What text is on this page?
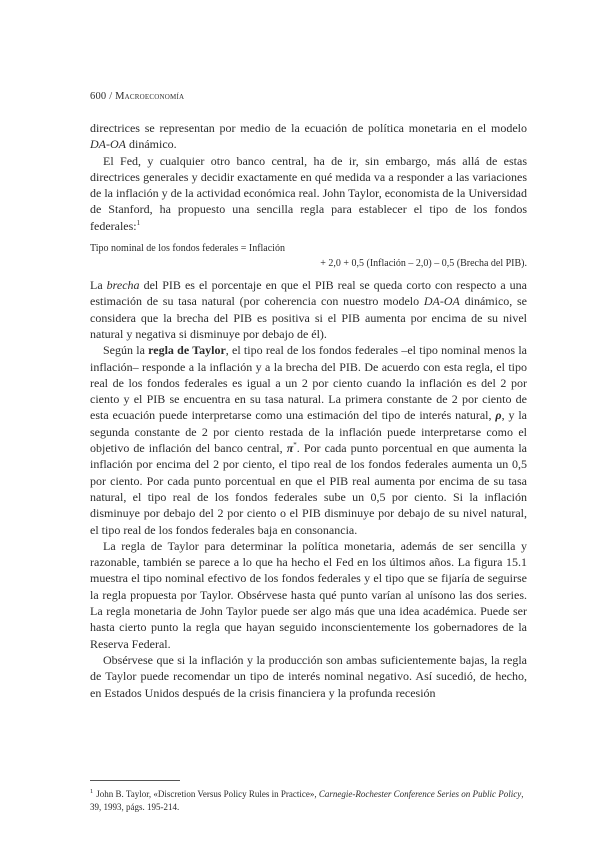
600 / Macroeconomía

directrices se representan por medio de la ecuación de política monetaria en el modelo DA-OA dinámico.

El Fed, y cualquier otro banco central, ha de ir, sin embargo, más allá de estas directrices generales y decidir exactamente en qué medida va a responder a las variaciones de la inflación y de la actividad económica real. John Taylor, economista de la Universidad de Stanford, ha propuesto una sencilla regla para establecer el tipo de los fondos federales:$^1$

Tipo nominal de los fondos federales = Inflación
+ 2,0 + 0,5 (Inflación – 2,0) – 0,5 (Brecha del PIB).

La brecha del PIB es el porcentaje en que el PIB real se queda corto con respecto a una estimación de su tasa natural (por coherencia con nuestro modelo DA-OA dinámico, se considera que la brecha del PIB es positiva si el PIB aumenta por encima de su nivel natural y negativa si disminuye por debajo de él).

Según la regla de Taylor, el tipo real de los fondos federales –el tipo nominal menos la inflación– responde a la inflación y a la brecha del PIB. De acuerdo con esta regla, el tipo real de los fondos federales es igual a un 2 por ciento cuando la inflación es del 2 por ciento y el PIB se encuentra en su tasa natural. La primera constante de 2 por ciento de esta ecuación puede interpretarse como una estimación del tipo de interés natural, ρ, y la segunda constante de 2 por ciento restada de la inflación puede interpretarse como el objetivo de inflación del banco central, π*. Por cada punto porcentual en que aumenta la inflación por encima del 2 por ciento, el tipo real de los fondos federales aumenta un 0,5 por ciento. Por cada punto porcentual en que el PIB real aumenta por encima de su tasa natural, el tipo real de los fondos federales sube un 0,5 por ciento. Si la inflación disminuye por debajo del 2 por ciento o el PIB disminuye por debajo de su nivel natural, el tipo real de los fondos federales baja en consonancia.

La regla de Taylor para determinar la política monetaria, además de ser sencilla y razonable, también se parece a lo que ha hecho el Fed en los últimos años. La figura 15.1 muestra el tipo nominal efectivo de los fondos federales y el tipo que se fijaría de seguirse la regla propuesta por Taylor. Obsérvese hasta qué punto varían al unísono las dos series. La regla monetaria de John Taylor puede ser algo más que una idea académica. Puede ser hasta cierto punto la regla que hayan seguido inconscientemente los gobernadores de la Reserva Federal.

Obsérvese que si la inflación y la producción son ambas suficientemente bajas, la regla de Taylor puede recomendar un tipo de interés nominal negativo. Así sucedió, de hecho, en Estados Unidos después de la crisis financiera y la profunda recesión

$^1$ John B. Taylor, «Discretion Versus Policy Rules in Practice», Carnegie-Rochester Conference Series on Public Policy, 39, 1993, págs. 195-214.
